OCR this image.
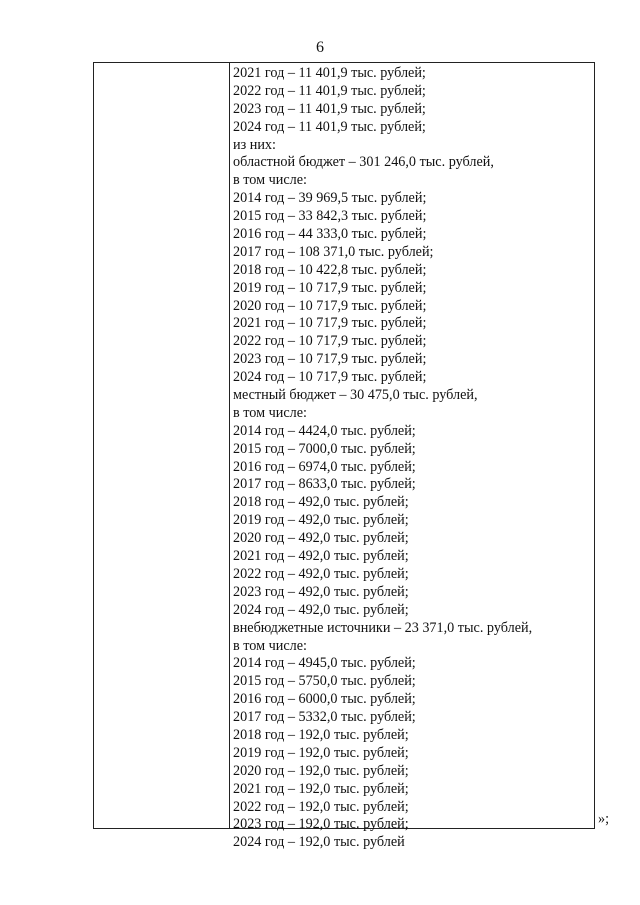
6
2021 год – 11 401,9 тыс. рублей;
2022 год – 11 401,9 тыс. рублей;
2023 год – 11 401,9 тыс. рублей;
2024 год – 11 401,9 тыс. рублей;
из них:
областной бюджет – 301 246,0 тыс. рублей,
в том числе:
2014 год – 39 969,5 тыс. рублей;
2015 год – 33 842,3 тыс. рублей;
2016 год – 44 333,0 тыс. рублей;
2017 год – 108 371,0 тыс. рублей;
2018 год – 10 422,8 тыс. рублей;
2019 год – 10 717,9 тыс. рублей;
2020 год – 10 717,9 тыс. рублей;
2021 год – 10 717,9 тыс. рублей;
2022 год – 10 717,9 тыс. рублей;
2023 год – 10 717,9 тыс. рублей;
2024 год – 10 717,9 тыс. рублей;
местный бюджет – 30 475,0 тыс. рублей,
в том числе:
2014 год – 4424,0 тыс. рублей;
2015 год – 7000,0 тыс. рублей;
2016 год – 6974,0 тыс. рублей;
2017 год – 8633,0 тыс. рублей;
2018 год – 492,0 тыс. рублей;
2019 год – 492,0 тыс. рублей;
2020 год – 492,0 тыс. рублей;
2021 год – 492,0 тыс. рублей;
2022 год – 492,0 тыс. рублей;
2023 год – 492,0 тыс. рублей;
2024 год – 492,0 тыс. рублей;
внебюджетные источники – 23 371,0 тыс. рублей,
в том числе:
2014 год – 4945,0 тыс. рублей;
2015 год – 5750,0 тыс. рублей;
2016 год – 6000,0 тыс. рублей;
2017 год – 5332,0 тыс. рублей;
2018 год – 192,0 тыс. рублей;
2019 год – 192,0 тыс. рублей;
2020 год – 192,0 тыс. рублей;
2021 год – 192,0 тыс. рублей;
2022 год – 192,0 тыс. рублей;
2023 год – 192,0 тыс. рублей;
2024 год – 192,0 тыс. рублей
»;
